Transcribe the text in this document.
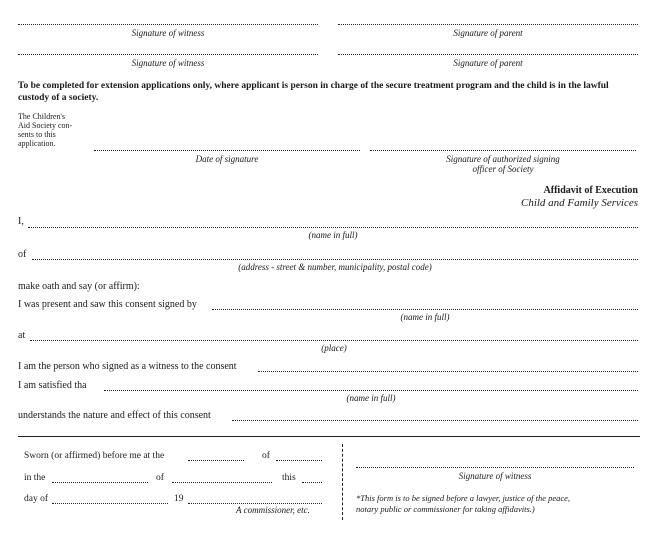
Signature of witness	Signature of parent
Signature of witness	Signature of parent
To be completed for extension applications only, where applicant is person in charge of the secure treatment program and the child is in the lawful custody of a society.
The Children's
Aid Society con-
sents to this
application.
Date of signature	Signature of authorized signing
officer of Society
Affidavit of Execution
Child and Family Services
I,
(name in full)
of
(address - street & number, municipality, postal code)
make oath and say (or affirm):
I was present and saw this consent signed by
(name in full)
at
(place)
I am the person who signed as a witness to the consent
I am satisfied tha
(name in full)
understands the nature and effect of this consent
Sworn (or affirmed) before me at the	of
in the	of	this
day of	19
A commissioner, etc.
Signature of witness
*This form is to be signed before a lawyer, justice of the peace,
notary public or commissioner for taking affidavits.)
